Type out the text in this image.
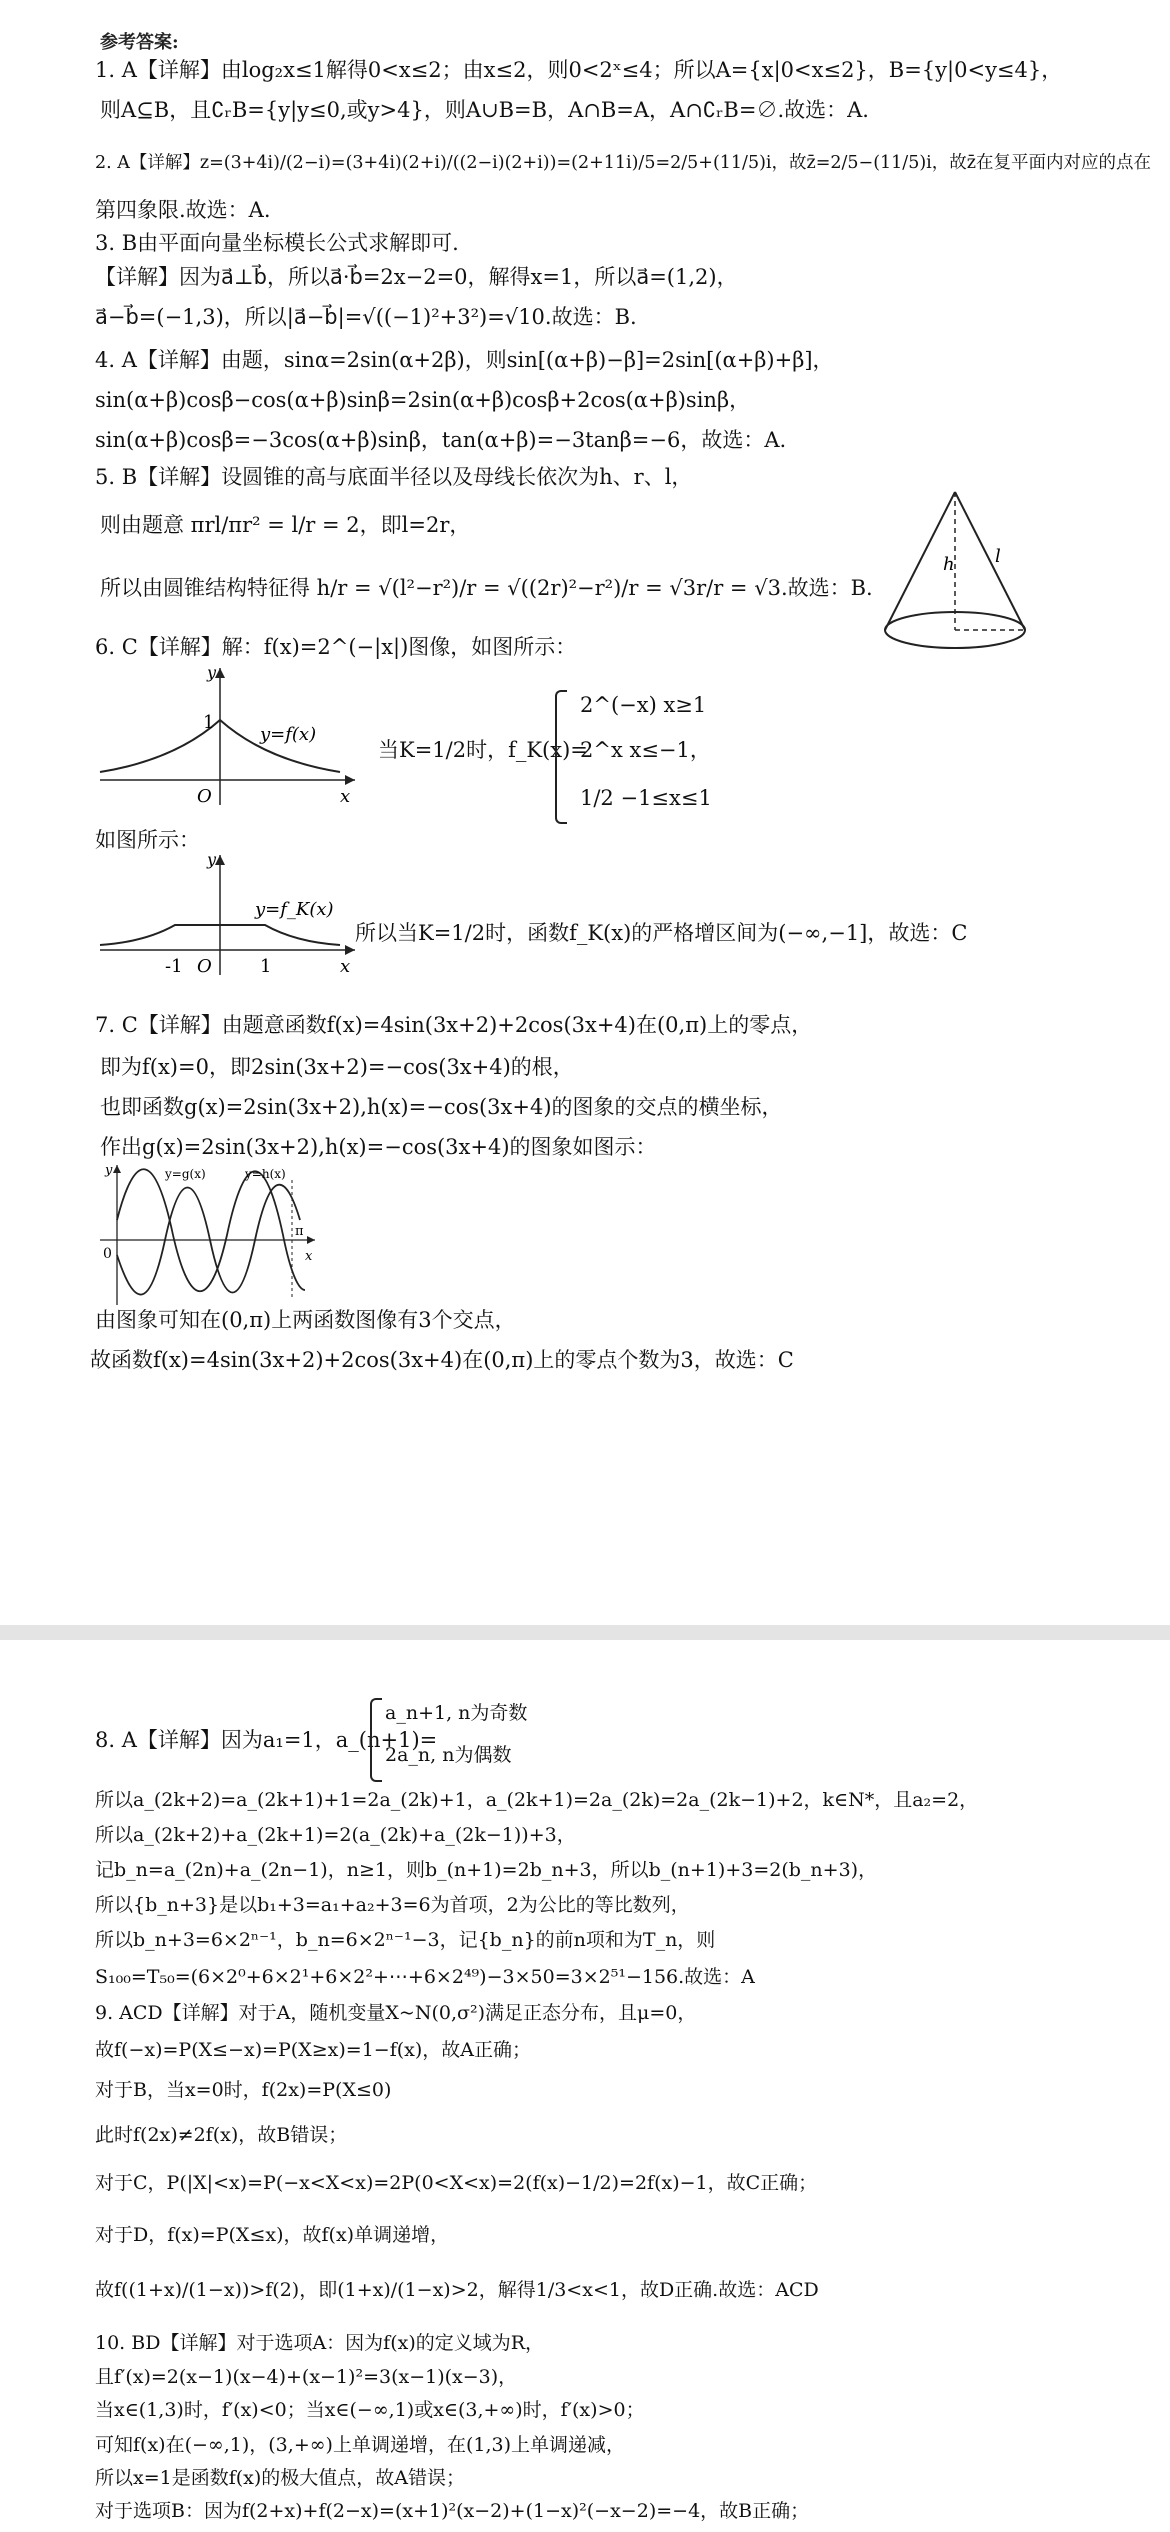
参考答案:
1. A【详解】由log₂x≤1解得0<x≤2；由x≤2，则0<2ˣ≤4；所以A={x|0<x≤2}，B={y|0<y≤4}，
则A⊆B，且∁ᵣB={y|y≤0,或y>4}，则A∪B=B，A∩B=A，A∩∁ᵣB=∅.故选：A.
2. A【详解】z=(3+4i)/(2−i)=(3+4i)(2+i)/((2−i)(2+i))=(2+11i)/5=2/5+(11/5)i，故z̄=2/5−(11/5)i，故z̄在复平面内对应的点在
第四象限.故选：A.
3. B由平面向量坐标模长公式求解即可.
【详解】因为a⃗⊥b⃗，所以a⃗·b⃗=2x−2=0，解得x=1，所以a⃗=(1,2)，
a⃗−b⃗=(−1,3)，所以|a⃗−b⃗|=√((−1)²+3²)=√10.故选：B.
4. A【详解】由题，sinα=2sin(α+2β)，则sin[(α+β)−β]=2sin[(α+β)+β]，
sin(α+β)cosβ−cos(α+β)sinβ=2sin(α+β)cosβ+2cos(α+β)sinβ，
sin(α+β)cosβ=−3cos(α+β)sinβ，tan(α+β)=−3tanβ=−6，故选：A.
5. B【详解】设圆锥的高与底面半径以及母线长依次为h、r、l，
则由题意 πrl/πr² = l/r = 2，即l=2r，
所以由圆锥结构特征得 h/r = √(l²−r²)/r = √((2r)²−r²)/r = √3r/r = √3.故选：B.
6. C【详解】解：f(x)=2^(−|x|)图像，如图所示：
h l
1
O	x
y
y=f(x)
当K=1/2时，f_K(x)=
2^(−x) x≥1
2^x x≤−1，
1/2 −1≤x≤1
如图所示：
-1 O	1	x
y
y=f_K(x)
所以当K=1/2时，函数f_K(x)的严格增区间为(−∞,−1]，故选：C
7. C【详解】由题意函数f(x)=4sin(3x+2)+2cos(3x+4)在(0,π)上的零点，
即为f(x)=0，即2sin(3x+2)=−cos(3x+4)的根，
也即函数g(x)=2sin(3x+2),h(x)=−cos(3x+4)的图象的交点的横坐标，
作出g(x)=2sin(3x+2),h(x)=−cos(3x+4)的图象如图示：
0
y
x
π
y=g(x)	y=h(x)
由图象可知在(0,π)上两函数图像有3个交点，
故函数f(x)=4sin(3x+2)+2cos(3x+4)在(0,π)上的零点个数为3，故选：C
8. A【详解】因为a₁=1，a_(n+1)=
a_n+1, n为奇数
2a_n, n为偶数
所以a_(2k+2)=a_(2k+1)+1=2a_(2k)+1，a_(2k+1)=2a_(2k)=2a_(2k−1)+2，k∈N*，且a₂=2，
所以a_(2k+2)+a_(2k+1)=2(a_(2k)+a_(2k−1))+3，
记b_n=a_(2n)+a_(2n−1)，n≥1，则b_(n+1)=2b_n+3，所以b_(n+1)+3=2(b_n+3)，
所以{b_n+3}是以b₁+3=a₁+a₂+3=6为首项，2为公比的等比数列，
所以b_n+3=6×2ⁿ⁻¹，b_n=6×2ⁿ⁻¹−3，记{b_n}的前n项和为T_n，则
S₁₀₀=T₅₀=(6×2⁰+6×2¹+6×2²+⋯+6×2⁴⁹)−3×50=3×2⁵¹−156.故选：A
9. ACD【详解】对于A，随机变量X~N(0,σ²)满足正态分布，且μ=0，
故f(−x)=P(X≤−x)=P(X≥x)=1−f(x)，故A正确；
对于B，当x=0时，f(2x)=P(X≤0)
此时f(2x)≠2f(x)，故B错误；
对于C，P(|X|<x)=P(−x<X<x)=2P(0<X<x)=2(f(x)−1/2)=2f(x)−1，故C正确；
对于D，f(x)=P(X≤x)，故f(x)单调递增，
故f((1+x)/(1−x))>f(2)，即(1+x)/(1−x)>2，解得1/3<x<1，故D正确.故选：ACD
10. BD【详解】对于选项A：因为f(x)的定义域为R，
且f′(x)=2(x−1)(x−4)+(x−1)²=3(x−1)(x−3)，
当x∈(1,3)时，f′(x)<0；当x∈(−∞,1)或x∈(3,+∞)时，f′(x)>0；
可知f(x)在(−∞,1)，(3,+∞)上单调递增，在(1,3)上单调递减，
所以x=1是函数f(x)的极大值点，故A错误；
对于选项B：因为f(2+x)+f(2−x)=(x+1)²(x−2)+(1−x)²(−x−2)=−4，故B正确；
